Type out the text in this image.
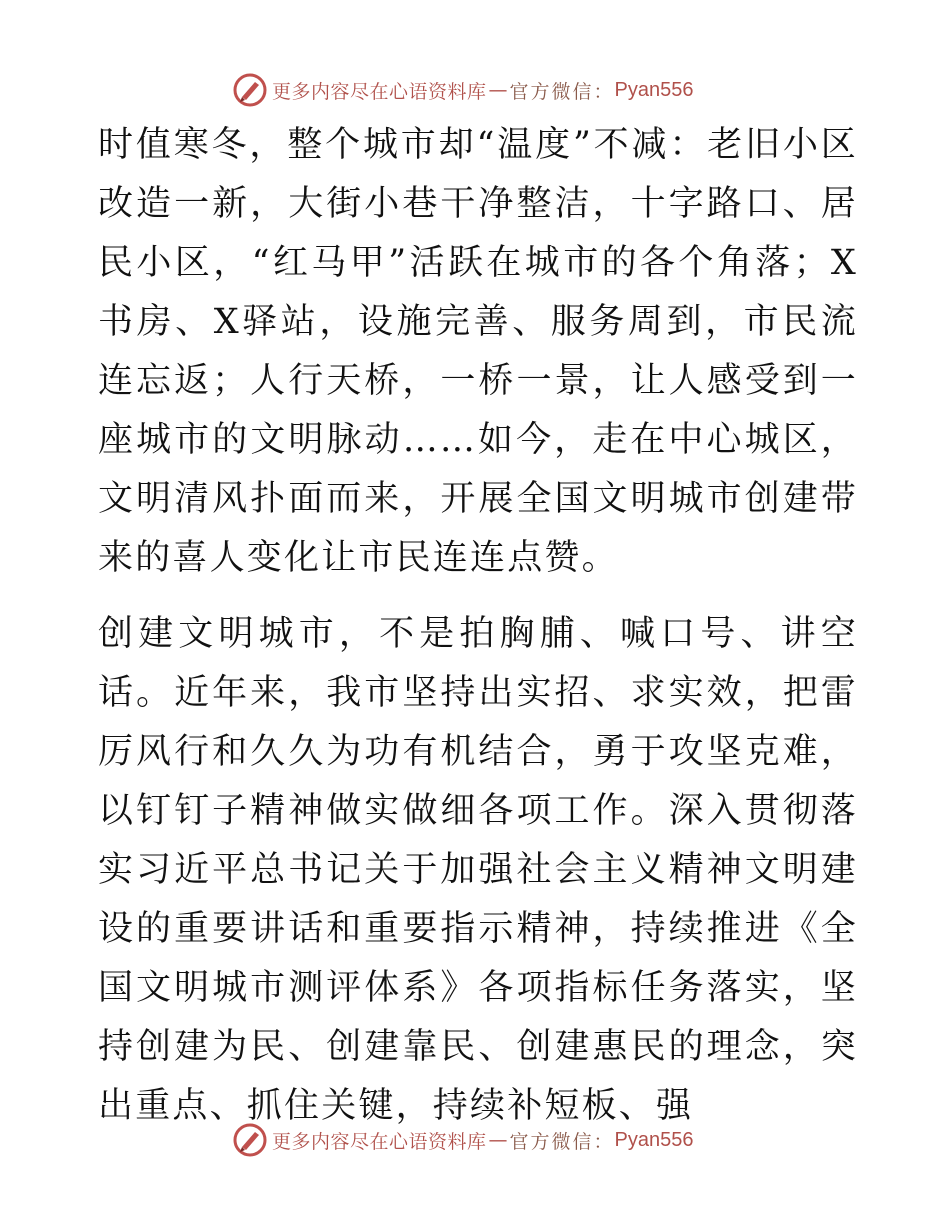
更多内容尽在心语资料库 — 官方微信： Pyan556

时值寒冬，整个城市却“温度”不减：老旧小区改造一新，大街小巷干净整洁，十字路口、居民小区，“红马甲”活跃在城市的各个角落；X书房、X驿站，设施完善、服务周到，市民流连忘返；人行天桥，一桥一景，让人感受到一座城市的文明脉动……如今，走在中心城区，文明清风扑面而来，开展全国文明城市创建带来的喜人变化让市民连连点赞。

创建文明城市，不是拍胸脯、喊口号、讲空话。近年来，我市坚持出实招、求实效，把雷厉风行和久久为功有机结合，勇于攻坚克难，以钉钉子精神做实做细各项工作。深入贯彻落实习近平总书记关于加强社会主义精神文明建设的重要讲话和重要指示精神，持续推进《全国文明城市测评体系》各项指标任务落实，坚持创建为民、创建靠民、创建惠民的理念，突出重点、抓住关键，持续补短板、强

更多内容尽在心语资料库 — 官方微信： Pyan556
